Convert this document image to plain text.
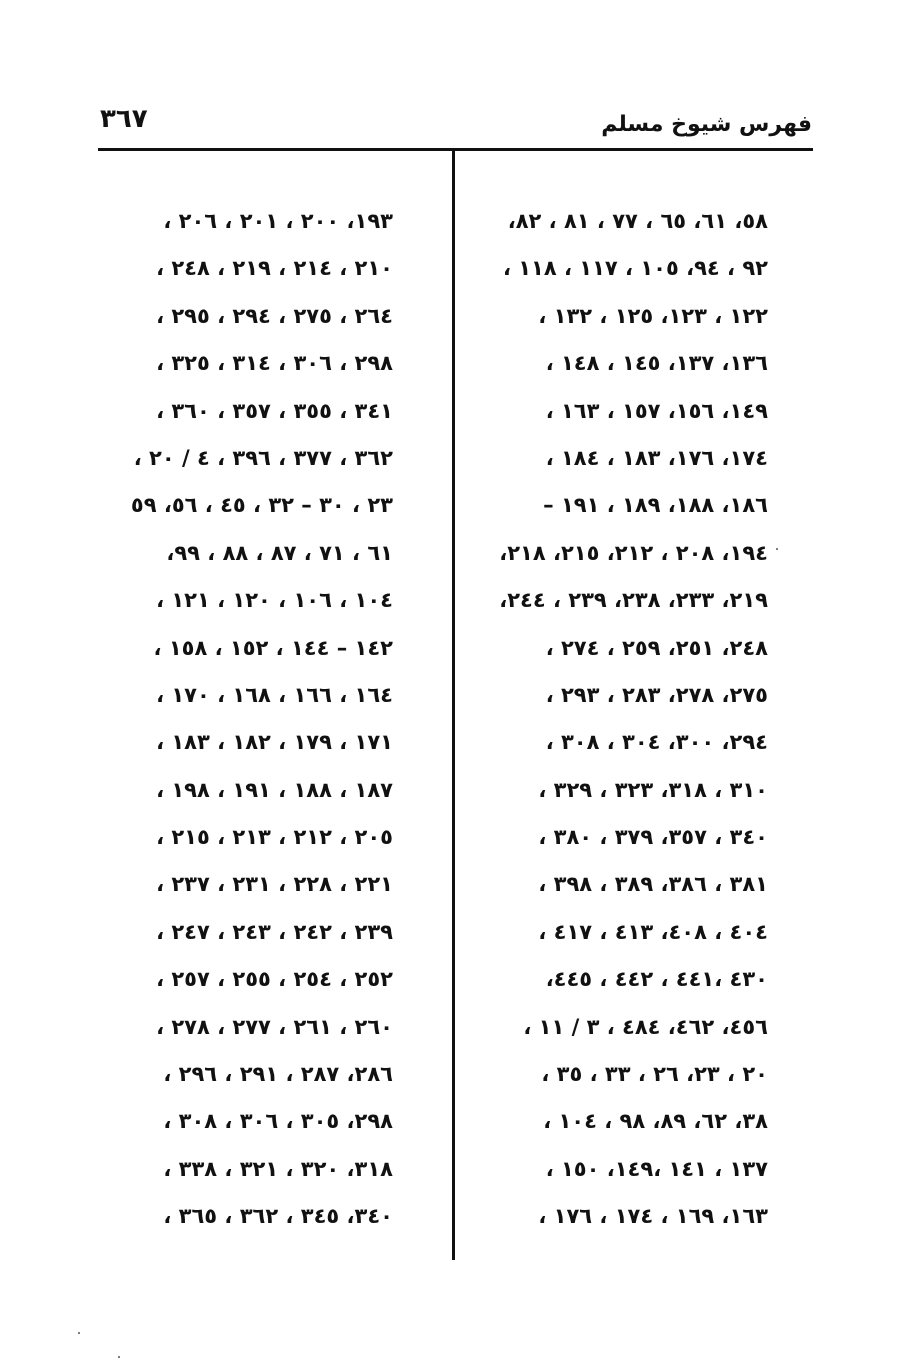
فهرس شيوخ مسلم
٣٦٧
٥٨، ٦١، ٦٥ ، ٧٧ ، ٨١ ، ٨٢،
٩٢ ، ٩٤، ١٠٥ ، ١١٧ ، ١١٨ ،
١٢٢ ، ١٢٣، ١٢٥ ، ١٣٢ ،
١٣٦، ١٣٧، ١٤٥ ، ١٤٨ ،
١٤٩، ١٥٦، ١٥٧ ، ١٦٣ ،
١٧٤، ١٧٦، ١٨٣ ، ١٨٤ ،
١٨٦، ١٨٨، ١٨٩ ، ١٩١ –
١٩٤، ٢٠٨ ، ٢١٢، ٢١٥، ٢١٨،
٢١٩، ٢٣٣، ٢٣٨، ٢٣٩ ، ٢٤٤،
٢٤٨، ٢٥١، ٢٥٩ ، ٢٧٤ ،
٢٧٥، ٢٧٨، ٢٨٣ ، ٢٩٣ ،
٢٩٤، ٣٠٠، ٣٠٤ ، ٣٠٨ ،
٣١٠ ، ٣١٨، ٣٢٣ ، ٣٢٩ ،
٣٤٠ ، ٣٥٧، ٣٧٩ ، ٣٨٠ ،
٣٨١ ، ٣٨٦، ٣٨٩ ، ٣٩٨ ،
٤٠٤ ، ٤٠٨، ٤١٣ ، ٤١٧ ،
٤٣٠ ،٤٤١ ، ٤٤٢ ، ٤٤٥،
٤٥٦، ٤٦٢، ٤٨٤ ، ٣ / ١١ ،
٢٠ ، ٢٣، ٢٦ ، ٣٣ ، ٣٥ ،
٣٨، ٦٢، ٨٩، ٩٨ ، ١٠٤ ،
١٣٧ ، ١٤١ ،١٤٩، ١٥٠ ،
١٦٣، ١٦٩ ، ١٧٤ ، ١٧٦ ،
١٩٣، ٢٠٠ ، ٢٠١ ، ٢٠٦ ،
٢١٠ ، ٢١٤ ، ٢١٩ ، ٢٤٨ ،
٢٦٤ ، ٢٧٥ ، ٢٩٤ ، ٢٩٥ ،
٢٩٨ ، ٣٠٦ ، ٣١٤ ، ٣٢٥ ،
٣٤١ ، ٣٥٥ ، ٣٥٧ ، ٣٦٠ ،
٣٦٢ ، ٣٧٧ ، ٣٩٦ ، ٤ / ٢٠ ،
٢٣ ، ٣٠ – ٣٢ ، ٤٥ ، ٥٦، ٥٩
٦١ ، ٧١ ، ٨٧ ، ٨٨ ، ٩٩،
١٠٤ ، ١٠٦ ، ١٢٠ ، ١٢١ ،
١٤٢ – ١٤٤ ، ١٥٢ ، ١٥٨ ،
١٦٤ ، ١٦٦ ، ١٦٨ ، ١٧٠ ،
١٧١ ، ١٧٩ ، ١٨٢ ، ١٨٣ ،
١٨٧ ، ١٨٨ ، ١٩١ ، ١٩٨ ،
٢٠٥ ، ٢١٢ ، ٢١٣ ، ٢١٥ ،
٢٢١ ، ٢٢٨ ، ٢٣١ ، ٢٣٧ ،
٢٣٩ ، ٢٤٢ ، ٢٤٣ ، ٢٤٧ ،
٢٥٢ ، ٢٥٤ ، ٢٥٥ ، ٢٥٧ ،
٢٦٠ ، ٢٦١ ، ٢٧٧ ، ٢٧٨ ،
٢٨٦، ٢٨٧ ، ٢٩١ ، ٢٩٦ ،
٢٩٨، ٣٠٥ ، ٣٠٦ ، ٣٠٨ ،
٣١٨، ٣٢٠ ، ٣٢١ ، ٣٣٨ ،
٣٤٠، ٣٤٥ ، ٣٦٢ ، ٣٦٥ ،
